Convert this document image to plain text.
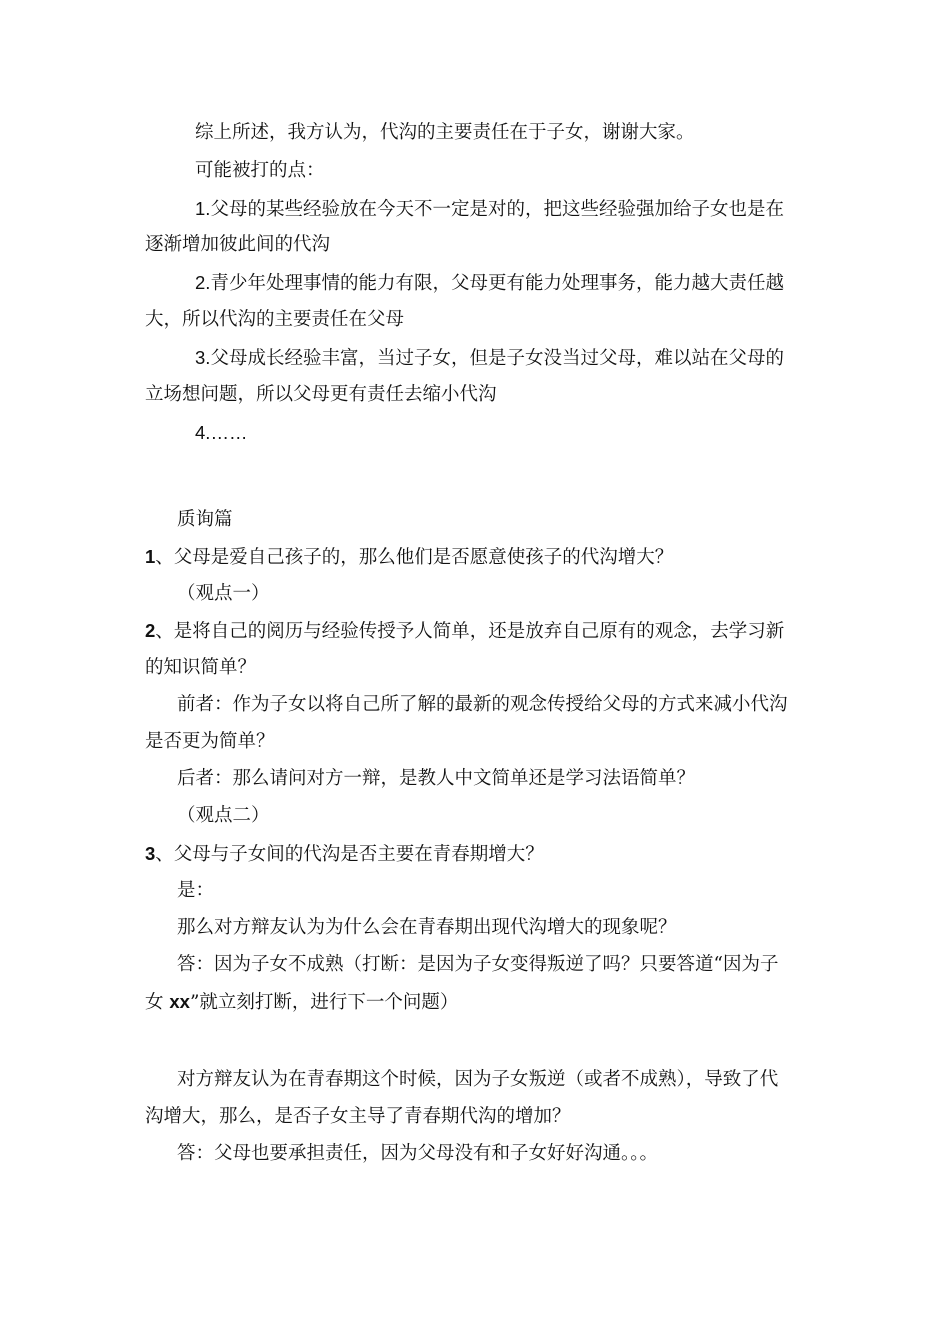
综上所述，我方认为，代沟的主要责任在于子女，谢谢大家。
可能被打的点：
1.父母的某些经验放在今天不一定是对的，把这些经验强加给子女也是在
逐渐增加彼此间的代沟
2.青少年处理事情的能力有限，父母更有能力处理事务，能力越大责任越
大，所以代沟的主要责任在父母
3.父母成长经验丰富，当过子女，但是子女没当过父母，难以站在父母的
立场想问题，所以父母更有责任去缩小代沟
4.……
质询篇
1、父母是爱自己孩子的，那么他们是否愿意使孩子的代沟增大？
（观点一）
2、是将自己的阅历与经验传授予人简单，还是放弃自己原有的观念，去学习新
的知识简单？
前者：作为子女以将自己所了解的最新的观念传授给父母的方式来减小代沟
是否更为简单？
后者：那么请问对方一辩，是教人中文简单还是学习法语简单？
（观点二）
3、父母与子女间的代沟是否主要在青春期增大？
是：
那么对方辩友认为为什么会在青春期出现代沟增大的现象呢？
答：因为子女不成熟（打断：是因为子女变得叛逆了吗？只要答道“因为子
女 xx”就立刻打断，进行下一个问题）
对方辩友认为在青春期这个时候，因为子女叛逆（或者不成熟），导致了代
沟增大，那么，是否子女主导了青春期代沟的增加？
答：父母也要承担责任，因为父母没有和子女好好沟通。。。
